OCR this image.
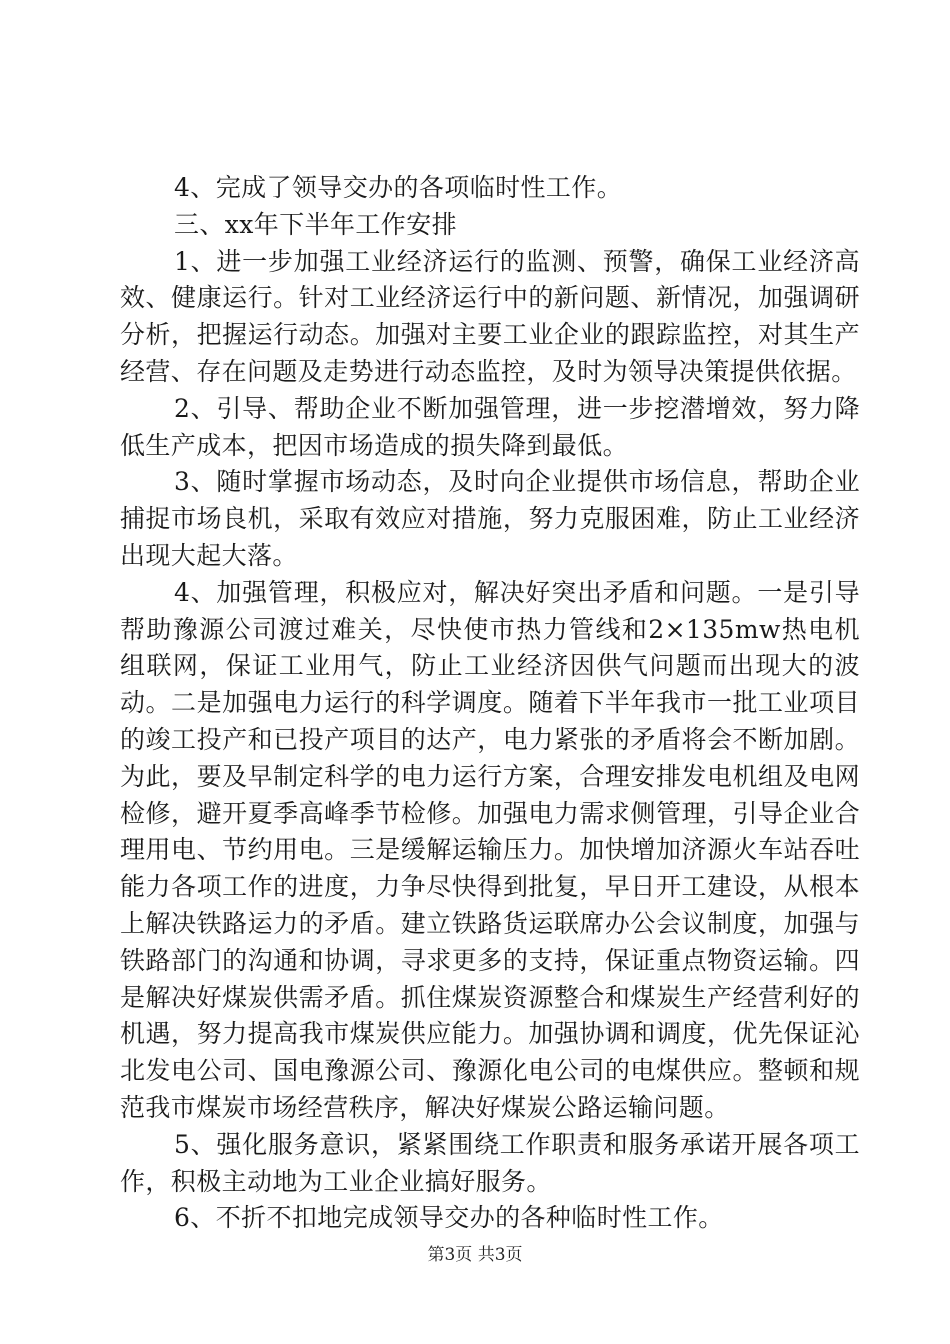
4、完成了领导交办的各项临时性工作。

三、xx年下半年工作安排

1、进一步加强工业经济运行的监测、预警，确保工业经济高效、健康运行。针对工业经济运行中的新问题、新情况，加强调研分析，把握运行动态。加强对主要工业企业的跟踪监控，对其生产经营、存在问题及走势进行动态监控，及时为领导决策提供依据。

2、引导、帮助企业不断加强管理，进一步挖潜增效，努力降低生产成本，把因市场造成的损失降到最低。

3、随时掌握市场动态，及时向企业提供市场信息，帮助企业捕捉市场良机，采取有效应对措施，努力克服困难，防止工业经济出现大起大落。

4、加强管理，积极应对，解决好突出矛盾和问题。一是引导帮助豫源公司渡过难关，尽快使市热力管线和2×135mw热电机组联网，保证工业用气，防止工业经济因供气问题而出现大的波动。二是加强电力运行的科学调度。随着下半年我市一批工业项目的竣工投产和已投产项目的达产，电力紧张的矛盾将会不断加剧。为此，要及早制定科学的电力运行方案，合理安排发电机组及电网检修，避开夏季高峰季节检修。加强电力需求侧管理，引导企业合理用电、节约用电。三是缓解运输压力。加快增加济源火车站吞吐能力各项工作的进度，力争尽快得到批复，早日开工建设，从根本上解决铁路运力的矛盾。建立铁路货运联席办公会议制度，加强与铁路部门的沟通和协调，寻求更多的支持，保证重点物资运输。四是解决好煤炭供需矛盾。抓住煤炭资源整合和煤炭生产经营利好的机遇，努力提高我市煤炭供应能力。加强协调和调度，优先保证沁北发电公司、国电豫源公司、豫源化电公司的电煤供应。整顿和规范我市煤炭市场经营秩序，解决好煤炭公路运输问题。

5、强化服务意识，紧紧围绕工作职责和服务承诺开展各项工作，积极主动地为工业企业搞好服务。

6、不折不扣地完成领导交办的各种临时性工作。

第3页 共3页
